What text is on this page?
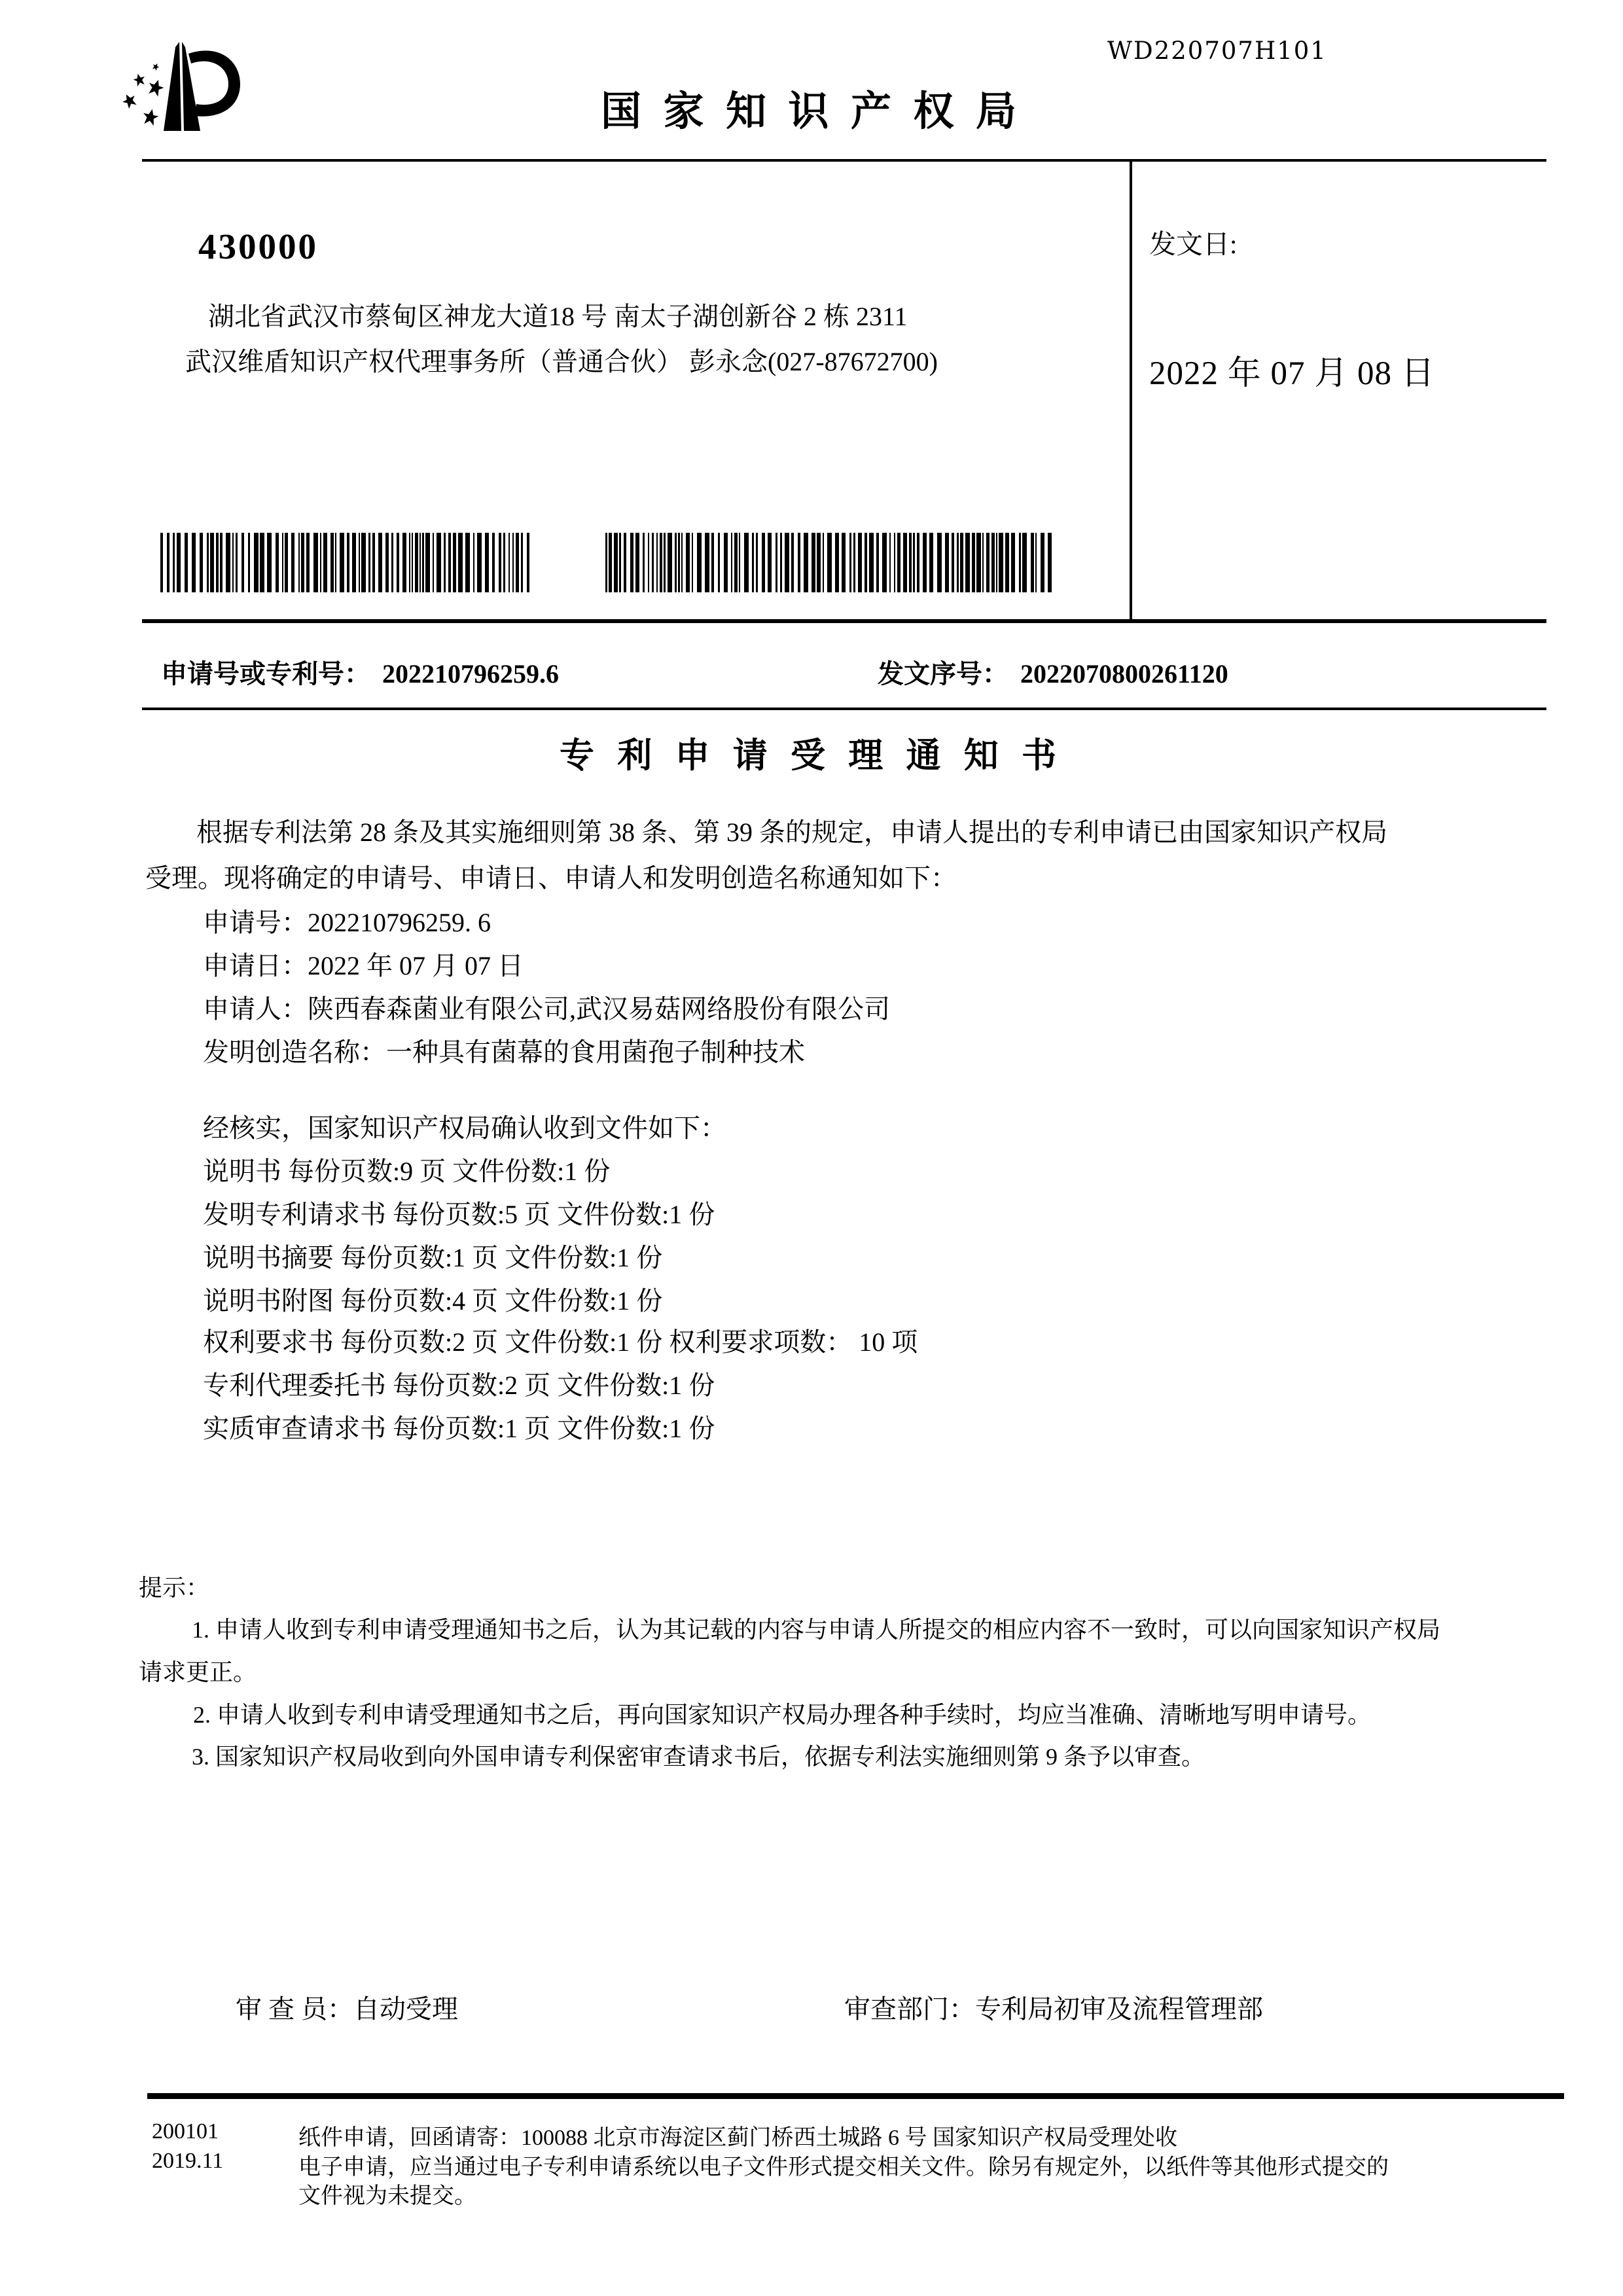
WD220707H101
国 家 知 识 产 权 局
430000
湖北省武汉市蔡甸区神龙大道18 号 南太子湖创新谷 2 栋 2311
武汉维盾知识产权代理事务所（普通合伙） 彭永念(027-87672700)
发文日:
2022 年 07 月 08 日
申请号或专利号： 202210796259.6	发文序号： 2022070800261120
专 利 申 请 受 理 通 知 书
根据专利法第 28 条及其实施细则第 38 条、第 39 条的规定，申请人提出的专利申请已由国家知识产权局
受理。现将确定的申请号、申请日、申请人和发明创造名称通知如下：
申请号：202210796259. 6
申请日：2022 年 07 月 07 日
申请人：陕西春森菌业有限公司,武汉易菇网络股份有限公司
发明创造名称：一种具有菌幕的食用菌孢子制种技术
经核实，国家知识产权局确认收到文件如下：
说明书 每份页数:9 页 文件份数:1 份
发明专利请求书 每份页数:5 页 文件份数:1 份
说明书摘要 每份页数:1 页 文件份数:1 份
说明书附图 每份页数:4 页 文件份数:1 份
权利要求书 每份页数:2 页 文件份数:1 份 权利要求项数： 10 项
专利代理委托书 每份页数:2 页 文件份数:1 份
实质审查请求书 每份页数:1 页 文件份数:1 份
提示：
1. 申请人收到专利申请受理通知书之后，认为其记载的内容与申请人所提交的相应内容不一致时，可以向国家知识产权局
请求更正。
2. 申请人收到专利申请受理通知书之后，再向国家知识产权局办理各种手续时，均应当准确、清晰地写明申请号。
3. 国家知识产权局收到向外国申请专利保密审查请求书后，依据专利法实施细则第 9 条予以审查。
审 查 员：自动受理	审查部门：专利局初审及流程管理部
200101
2019.11
纸件申请，回函请寄：100088 北京市海淀区蓟门桥西土城路 6 号 国家知识产权局受理处收
电子申请，应当通过电子专利申请系统以电子文件形式提交相关文件。除另有规定外，以纸件等其他形式提交的
文件视为未提交。
